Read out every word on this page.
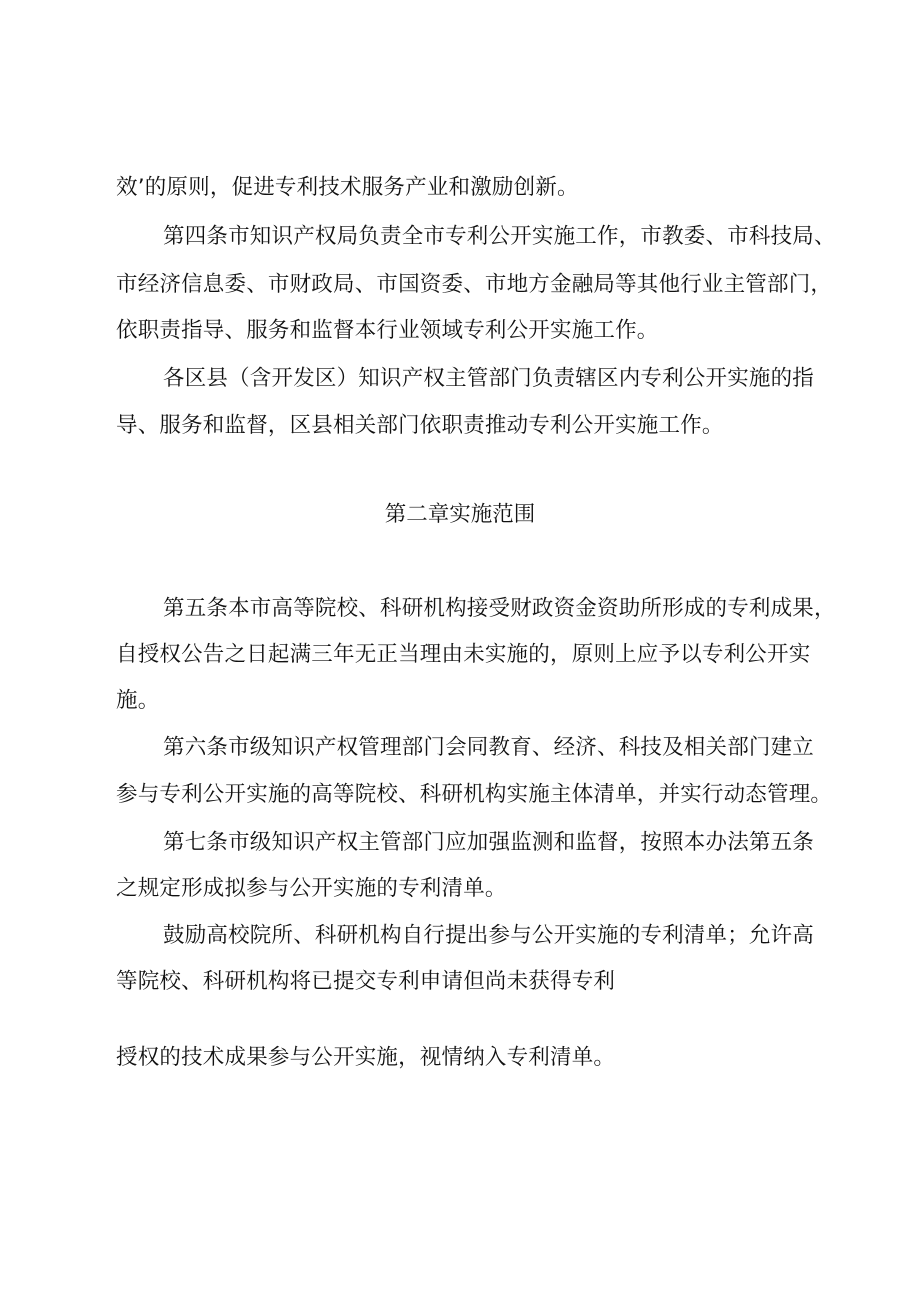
效’的原则，促进专利技术服务产业和激励创新。
第四条市知识产权局负责全市专利公开实施工作，市教委、市科技局、
市经济信息委、市财政局、市国资委、市地方金融局等其他行业主管部门，
依职责指导、服务和监督本行业领域专利公开实施工作。
各区县（含开发区）知识产权主管部门负责辖区内专利公开实施的指
导、服务和监督，区县相关部门依职责推动专利公开实施工作。
第二章实施范围
第五条本市高等院校、科研机构接受财政资金资助所形成的专利成果，
自授权公告之日起满三年无正当理由未实施的，原则上应予以专利公开实
施。
第六条市级知识产权管理部门会同教育、经济、科技及相关部门建立
参与专利公开实施的高等院校、科研机构实施主体清单，并实行动态管理。
第七条市级知识产权主管部门应加强监测和监督，按照本办法第五条
之规定形成拟参与公开实施的专利清单。
鼓励高校院所、科研机构自行提出参与公开实施的专利清单；允许高
等院校、科研机构将已提交专利申请但尚未获得专利
授权的技术成果参与公开实施，视情纳入专利清单。
